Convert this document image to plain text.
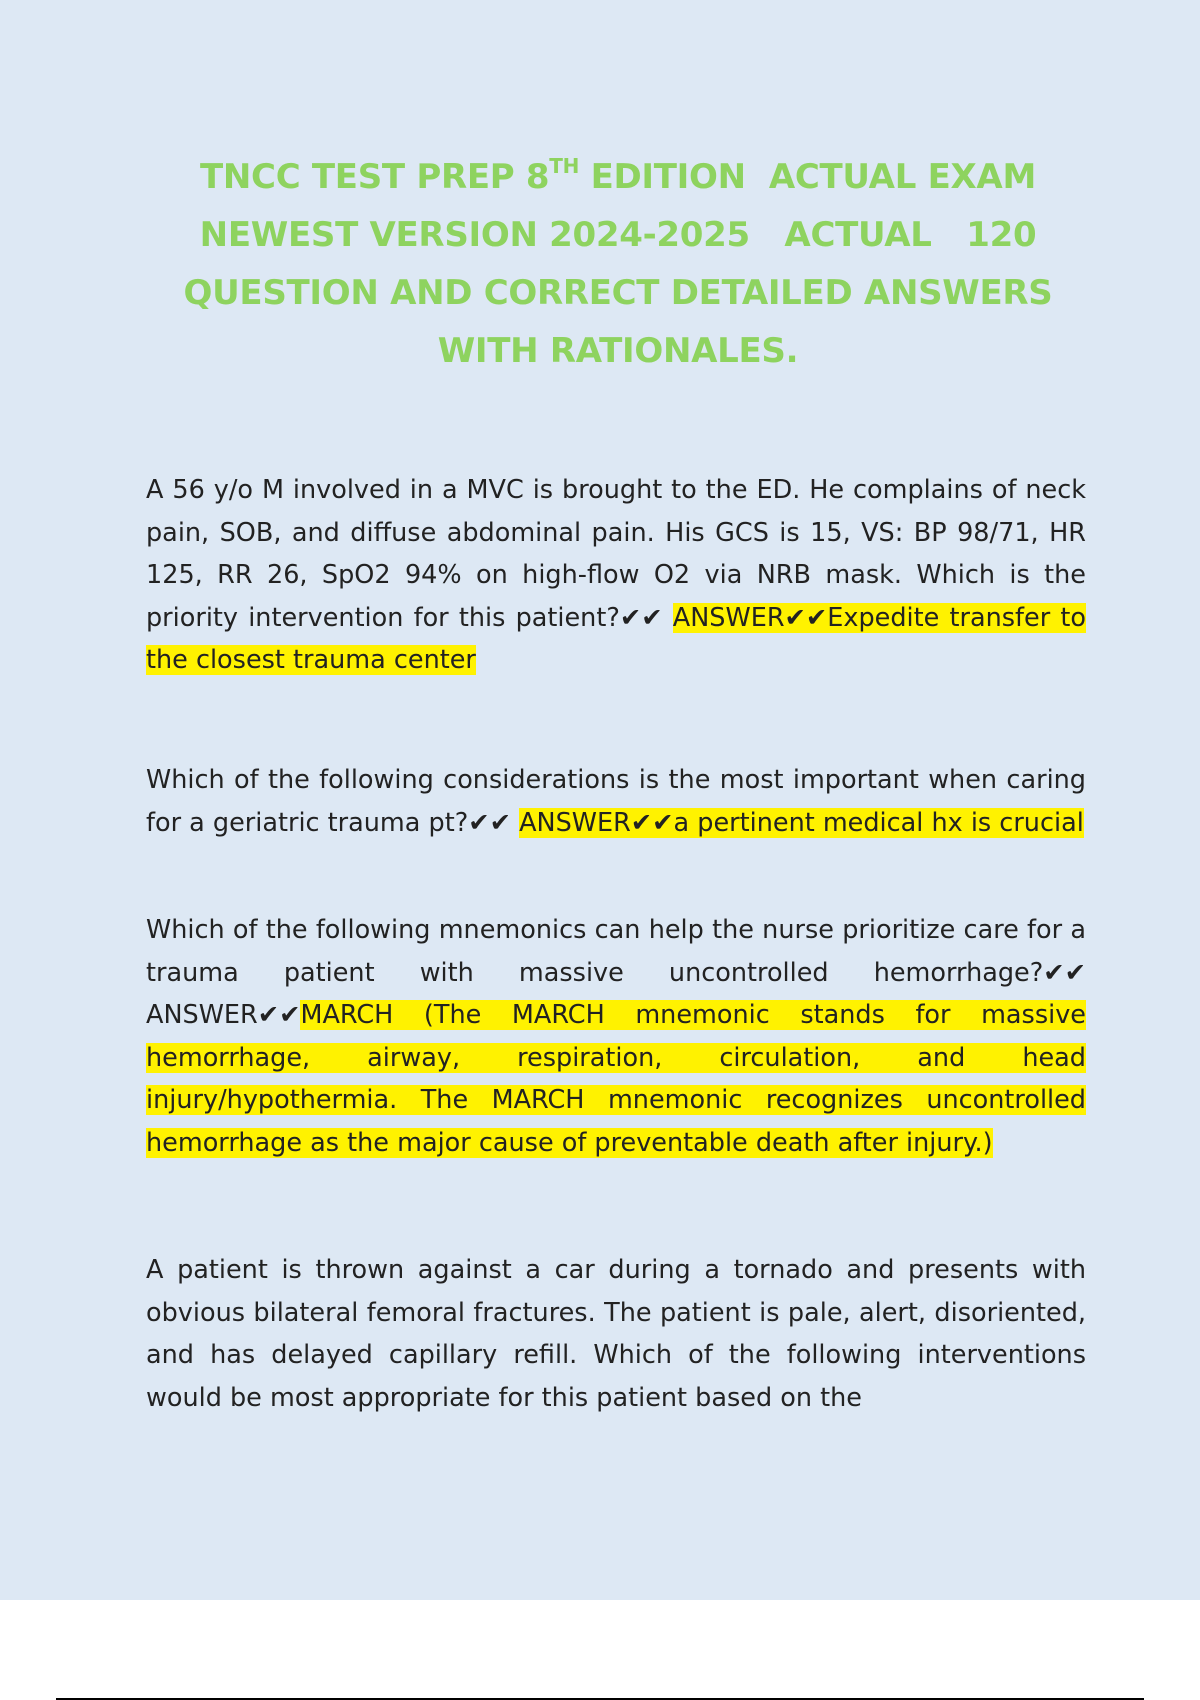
TNCC TEST PREP 8TH EDITION  ACTUAL EXAM
NEWEST VERSION 2024-2025   ACTUAL   120
QUESTION AND CORRECT DETAILED ANSWERS
WITH RATIONALES.
A 56 y/o M involved in a MVC is brought to the ED. He complains of neck pain, SOB, and diffuse abdominal pain. His GCS is 15, VS: BP 98/71, HR 125, RR 26, SpO2 94% on high-flow O2 via NRB mask. Which is the priority intervention for this patient?✔✔ ANSWER✔✔Expedite transfer to the closest trauma center
Which of the following considerations is the most important when caring for a geriatric trauma pt?✔✔ ANSWER✔✔a pertinent medical hx is crucial
Which of the following mnemonics can help the nurse prioritize care for a trauma patient with massive uncontrolled hemorrhage?✔✔ ANSWER✔✔MARCH (The MARCH mnemonic stands for massive hemorrhage, airway, respiration, circulation, and head injury/hypothermia. The MARCH mnemonic recognizes uncontrolled hemorrhage as the major cause of preventable death after injury.)
A patient is thrown against a car during a tornado and presents with obvious bilateral femoral fractures. The patient is pale, alert, disoriented, and has delayed capillary refill. Which of the following interventions would be most appropriate for this patient based on the
